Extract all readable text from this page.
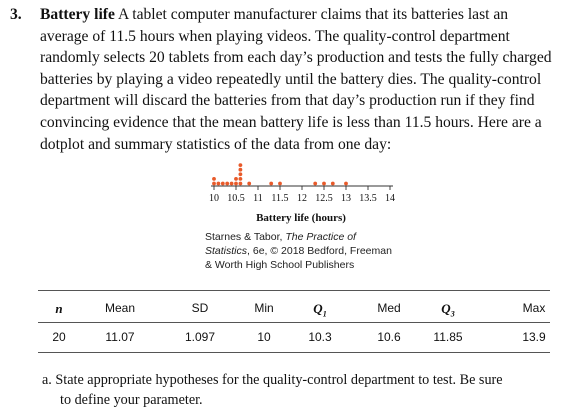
3. Battery life A tablet computer manufacturer claims that its batteries last an
average of 11.5 hours when playing videos. The quality-control department
randomly selects 20 tablets from each day’s production and tests the fully charged
batteries by playing a video repeatedly until the battery dies. The quality-control
department will discard the batteries from that day’s production run if they find
convincing evidence that the mean battery life is less than 11.5 hours. Here are a
dotplot and summary statistics of the data from one day:
10 10.5 11 11.5 12 12.5 13 13.5 14
Battery life (hours)
Starnes & Tabor, The Practice of
Statistics, 6e, © 2018 Bedford, Freeman
& Worth High School Publishers
n	Mean	SD	Min	$Q_1$	Med	$Q_3$	Max
20	11.07	1.097	10	10.3	10.6	11.85	13.9
a. State appropriate hypotheses for the quality-control department to test. Be sure
to define your parameter.
